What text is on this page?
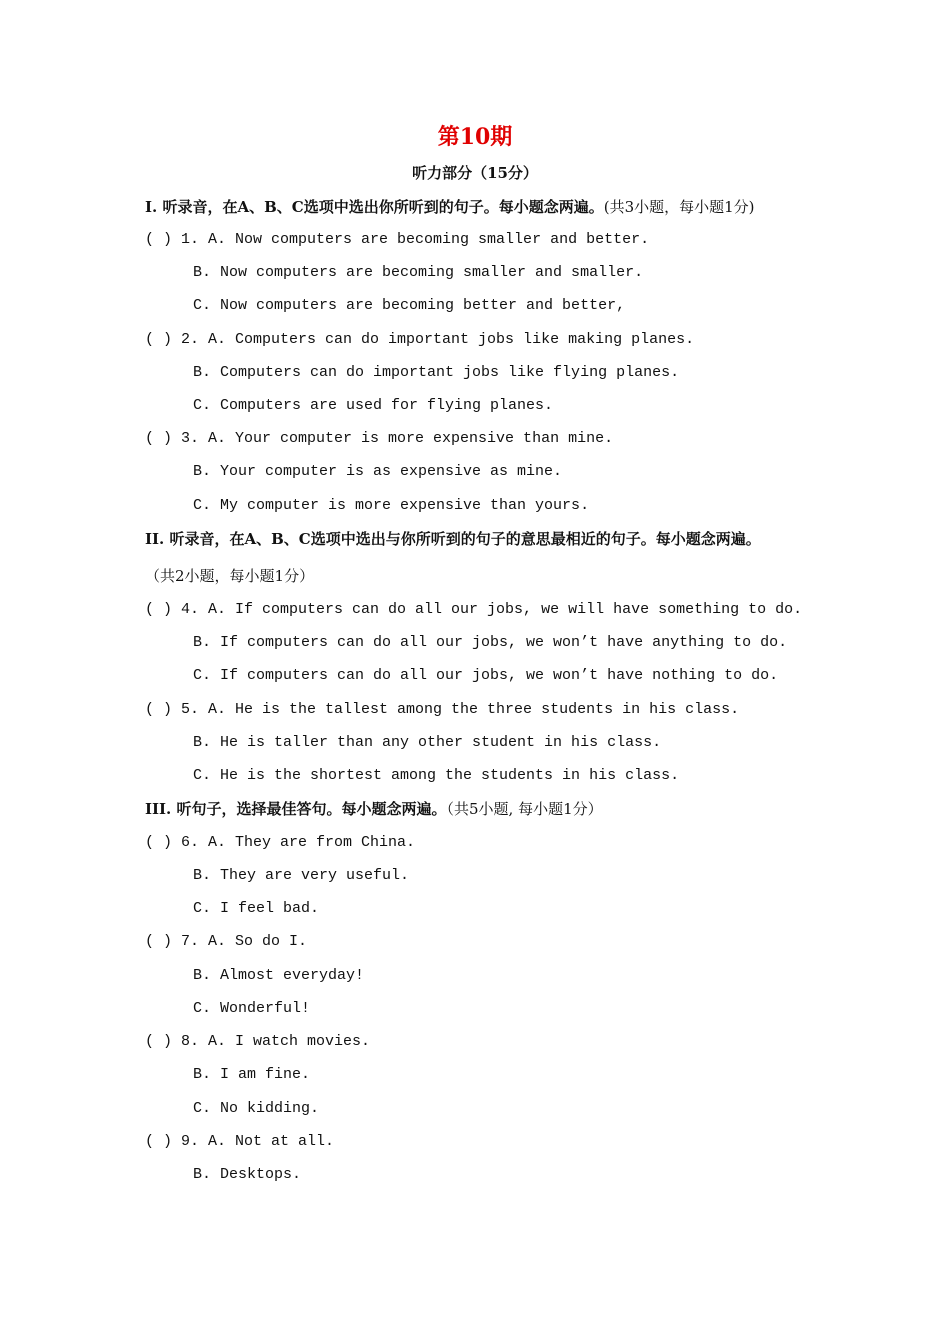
第10期
听力部分（15分）
I. 听录音，在A、B、C选项中选出你所听到的句子。每小题念两遍。(共3小题，每小题1分)
( ) 1. A. Now computers are becoming smaller and better.
B. Now computers are becoming smaller and smaller.
C. Now computers are becoming better and better,
( ) 2. A. Computers can do important jobs like making planes.
B. Computers can do important jobs like flying planes.
C. Computers are used for flying planes.
( ) 3. A. Your computer is more expensive than mine.
B. Your computer is as expensive as mine.
C. My computer is more expensive than yours.
II. 听录音，在A、B、C选项中选出与你所听到的句子的意思最相近的句子。每小题念两遍。
（共2小题，每小题1分）
( ) 4. A. If computers can do all our jobs, we will have something to do.
B. If computers can do all our jobs, we won’t have anything to do.
C. If computers can do all our jobs, we won’t have nothing to do.
( ) 5. A. He is the tallest among the three students in his class.
B. He is taller than any other student in his class.
C. He is the shortest among the students in his class.
III. 听句子，选择最佳答句。每小题念两遍。（共5小题, 每小题1分）
( ) 6. A. They are from China.
B. They are very useful.
C. I feel bad.
( ) 7. A. So do I.
B. Almost everyday!
C. Wonderful!
( ) 8. A. I watch movies.
B. I am fine.
C. No kidding.
( ) 9. A. Not at all.
B. Desktops.
